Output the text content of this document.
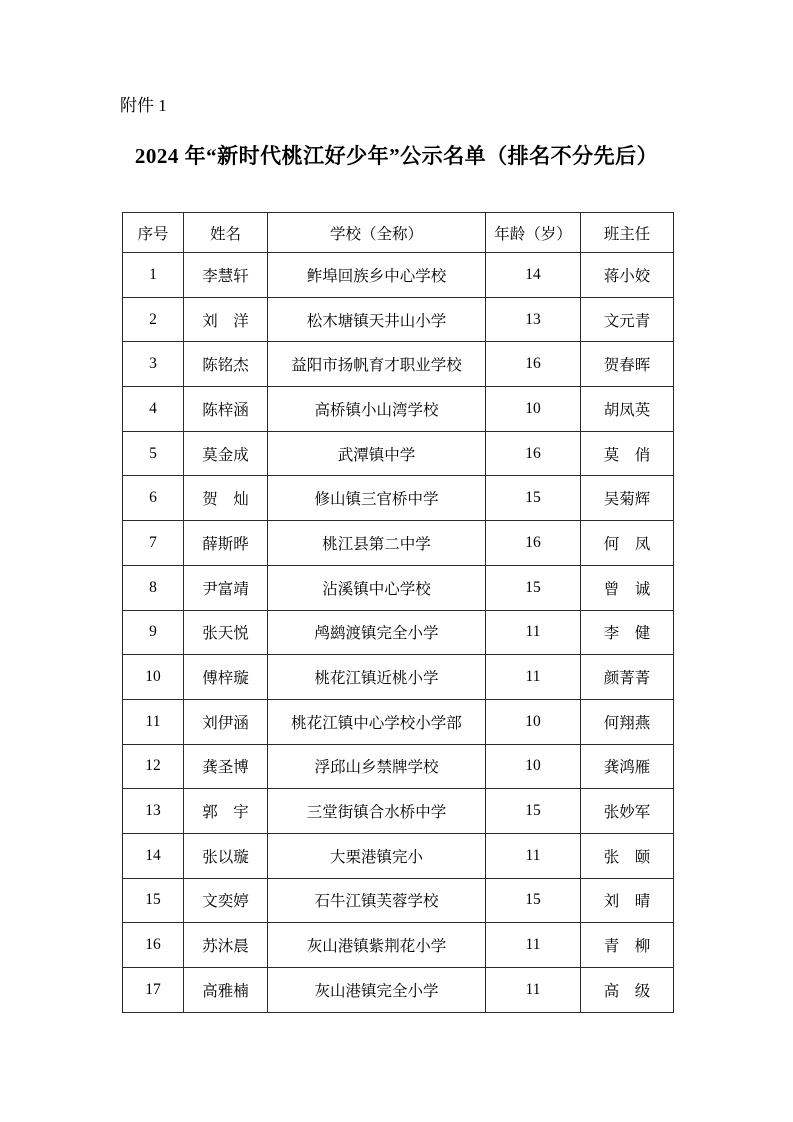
附件 1
2024 年“新时代桃江好少年”公示名单（排名不分先后）
序号	姓名	学校（全称）	年龄（岁）	班主任
1	李慧轩	鲊埠回族乡中心学校	14	蒋小姣
2	刘　洋	松木塘镇天井山小学	13	文元青
3	陈铭杰	益阳市扬帆育才职业学校	16	贺春晖
4	陈梓涵	高桥镇小山湾学校	10	胡凤英
5	莫金成	武潭镇中学	16	莫　俏
6	贺　灿	修山镇三官桥中学	15	吴菊辉
7	薛斯晔	桃江县第二中学	16	何　凤
8	尹富靖	沾溪镇中心学校	15	曾　诚
9	张天悦	鸬鹚渡镇完全小学	11	李　健
10	傅梓璇	桃花江镇近桃小学	11	颜菁菁
11	刘伊涵	桃花江镇中心学校小学部	10	何翔燕
12	龚圣博	浮邱山乡禁牌学校	10	龚鸿雁
13	郭　宇	三堂街镇合水桥中学	15	张妙军
14	张以璇	大栗港镇完小	11	张　颐
15	文奕婷	石牛江镇芙蓉学校	15	刘　晴
16	苏沐晨	灰山港镇紫荆花小学	11	青　柳
17	高雅楠	灰山港镇完全小学	11	高　级
